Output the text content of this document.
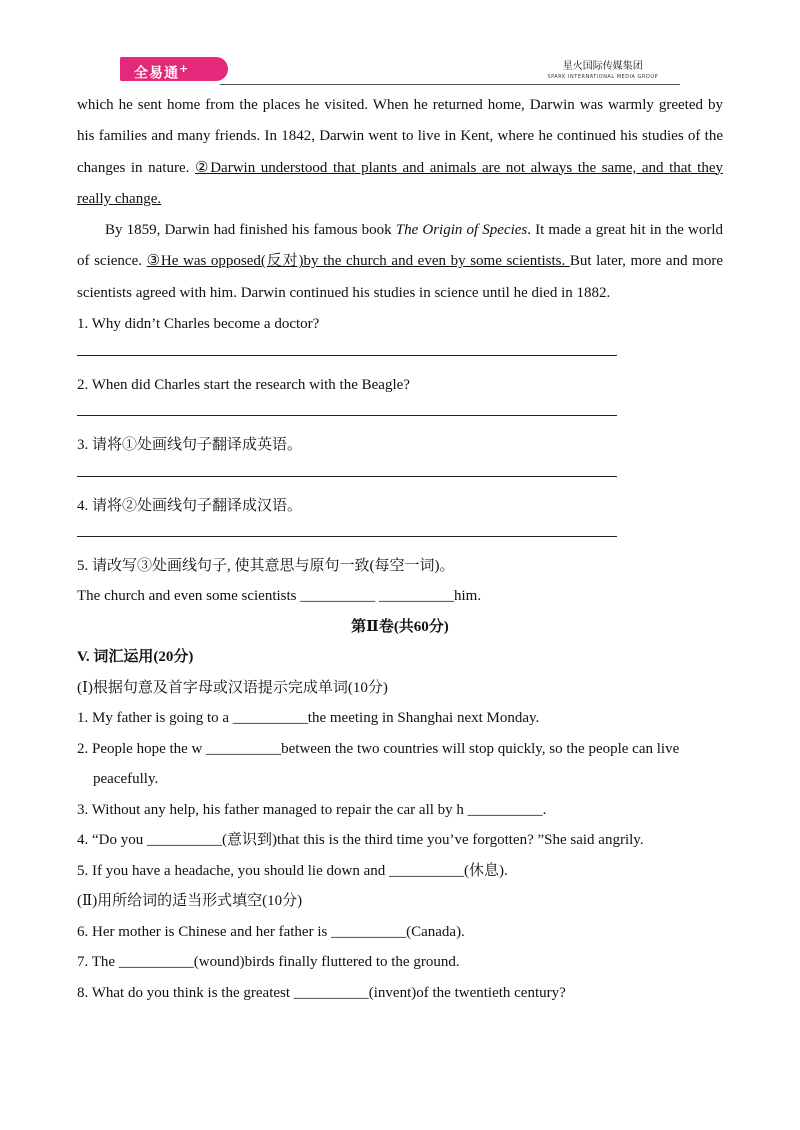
全易通+	星火国际传媒集团
SPARK INTERNATIONAL MEDIA GROUP

which he sent home from the places he visited. When he returned home, Darwin was warmly greeted by his families and many friends. In 1842, Darwin went to live in Kent, where he continued his studies of the changes in nature. ②Darwin understood that plants and animals are not always the same, and that they really change.

By 1859, Darwin had finished his famous book The Origin of Species. It made a great hit in the world of science. ③He was opposed(反对)by the church and even by some scientists. But later, more and more scientists agreed with him. Darwin continued his studies in science until he died in 1882.

1. Why didn’t Charles become a doctor?

2. When did Charles start the research with the Beagle?

3. 请将①处画线句子翻译成英语。

4. 请将②处画线句子翻译成汉语。

5. 请改写③处画线句子, 使其意思与原句一致(每空一词)。

The church and even some scientists __________ __________him.

第Ⅱ卷(共60分)

V. 词汇运用(20分)

(Ⅰ)根据句意及首字母或汉语提示完成单词(10分)

1. My father is going to a __________the meeting in Shanghai next Monday.

2. People hope the w __________between the two countries will stop quickly, so the people can live peacefully.

3. Without any help, his father managed to repair the car all by h __________.

4. “Do you __________(意识到)that this is the third time you’ve forgotten? ”She said angrily.

5. If you have a headache, you should lie down and __________(休息).

(Ⅱ)用所给词的适当形式填空(10分)

6. Her mother is Chinese and her father is __________(Canada).

7. The __________(wound)birds finally fluttered to the ground.

8. What do you think is the greatest __________(invent)of the twentieth century?
